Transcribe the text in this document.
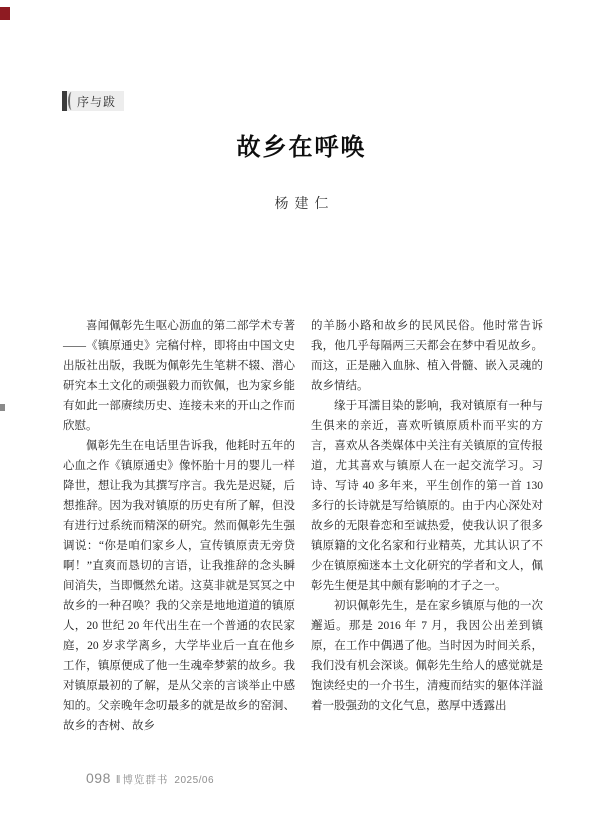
序与跋
故乡在呼唤
杨建仁

喜闻佩彰先生呕心沥血的第二部学术专著——《镇原通史》完稿付梓，即将由中国文史出版社出版，我既为佩彰先生笔耕不辍、潜心研究本土文化的顽强毅力而钦佩，也为家乡能有如此一部赓续历史、连接未来的开山之作而欣慰。

佩彰先生在电话里告诉我，他耗时五年的心血之作《镇原通史》像怀胎十月的婴儿一样降世，想让我为其撰写序言。我先是迟疑，后想推辞。因为我对镇原的历史有所了解，但没有进行过系统而精深的研究。然而佩彰先生强调说：“你是咱们家乡人，宣传镇原责无旁贷啊！”直爽而恳切的言语，让我推辞的念头瞬间消失，当即慨然允诺。这莫非就是冥冥之中故乡的一种召唤？我的父亲是地地道道的镇原人，20 世纪 20 年代出生在一个普通的农民家庭，20 岁求学离乡，大学毕业后一直在他乡工作，镇原便成了他一生魂牵梦萦的故乡。我对镇原最初的了解，是从父亲的言谈举止中感知的。父亲晚年念叨最多的就是故乡的窑洞、故乡的杏树、故乡

的羊肠小路和故乡的民风民俗。他时常告诉我，他几乎每隔两三天都会在梦中看见故乡。而这，正是融入血脉、植入骨髓、嵌入灵魂的故乡情结。

缘于耳濡目染的影响，我对镇原有一种与生俱来的亲近，喜欢听镇原质朴而平实的方言，喜欢从各类媒体中关注有关镇原的宣传报道，尤其喜欢与镇原人在一起交流学习。习诗、写诗 40 多年来，平生创作的第一首 130 多行的长诗就是写给镇原的。由于内心深处对故乡的无限眷恋和至诚热爱，使我认识了很多镇原籍的文化名家和行业精英，尤其认识了不少在镇原痴迷本土文化研究的学者和文人，佩彰先生便是其中颇有影响的才子之一。

初识佩彰先生，是在家乡镇原与他的一次邂逅。那是 2016 年 7 月，我因公出差到镇原，在工作中偶遇了他。当时因为时间关系，我们没有机会深谈。佩彰先生给人的感觉就是饱读经史的一介书生，清瘦而结实的躯体洋溢着一股强劲的文化气息，憨厚中透露出

098 ‖ 博览群书 2025/06
